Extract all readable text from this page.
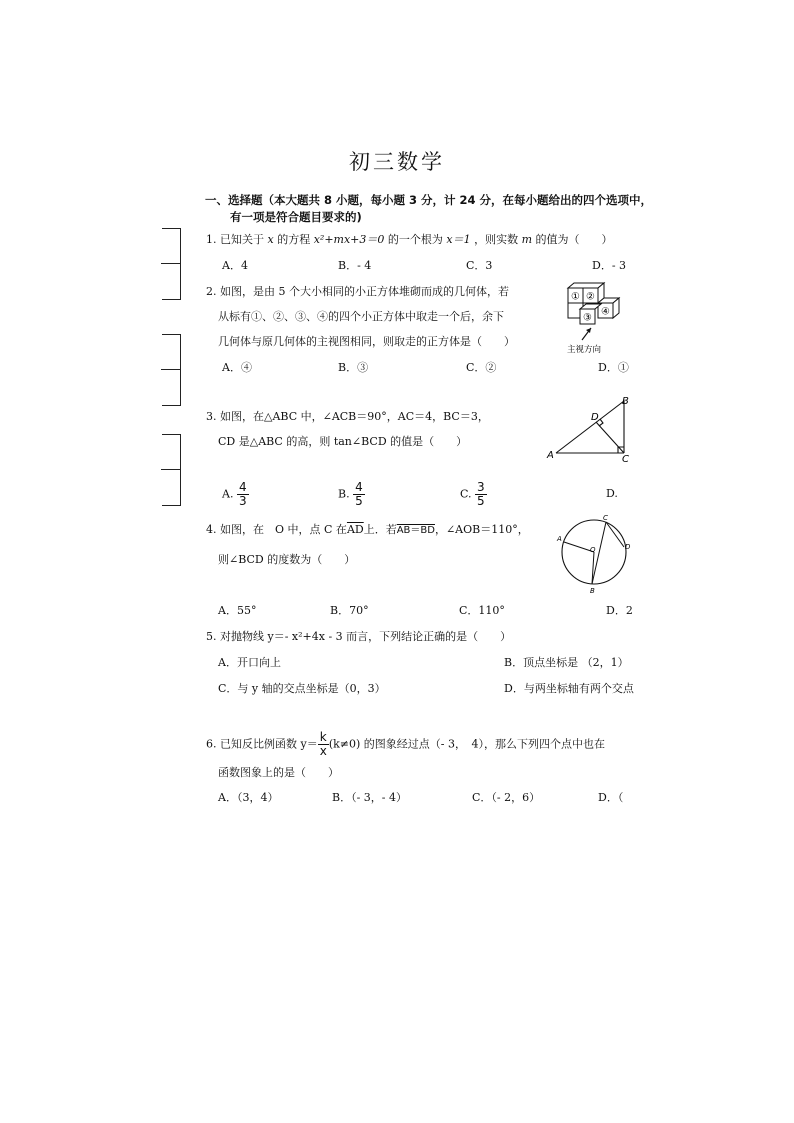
初三数学
一、选择题（本大题共 8 小题，每小题 3 分，计 24 分，在每小题给出的四个选项中，
有一项是符合题目要求的)
1. 已知关于 x 的方程 x²+mx+3＝0 的一个根为 x＝1 ，则实数 m 的值为（　　）
A．4	B．- 4	C．3	D．- 3
2. 如图，是由 5 个大小相同的小正方体堆砌而成的几何体，若
从标有①、②、③、④的四个小正方体中取走一个后，余下
几何体与原几何体的主视图相同，则取走的正方体是（　　）
A．④	B．③	C．②	D．①
① ②
③
④
主视方向
3. 如图，在△ABC 中，∠ACB＝90°，AC＝4，BC＝3，
CD 是△ABC 的高，则 tan∠BCD 的值是（　　）
A. $\frac{4}{3}$	B. $\frac{4}{5}$	C. $\frac{3}{5}$	D.
A
B
C
D
4. 如图，在　O 中，点 C 在$\overline{AD}$上．若AB＝BD，∠AOB＝110°，
则∠BCD 的度数为（　　）
A．55°	B．70°	C．110°	D．2
A
B
C
D
O
5. 对抛物线 y＝- x²+4x - 3 而言，下列结论正确的是（　　）
A．开口向上	B．顶点坐标是 （2，1）
C．与 y 轴的交点坐标是（0，3）	D．与两坐标轴有两个交点
6. 已知反比例函数 $y= \frac{k}{x} (k\ne 0)$ 的图象经过点（- 3，　4），那么下列四个点中也在
函数图象上的是（　　）
A．（3，4）	B．（- 3，- 4）	C．（- 2，6）	D．（
